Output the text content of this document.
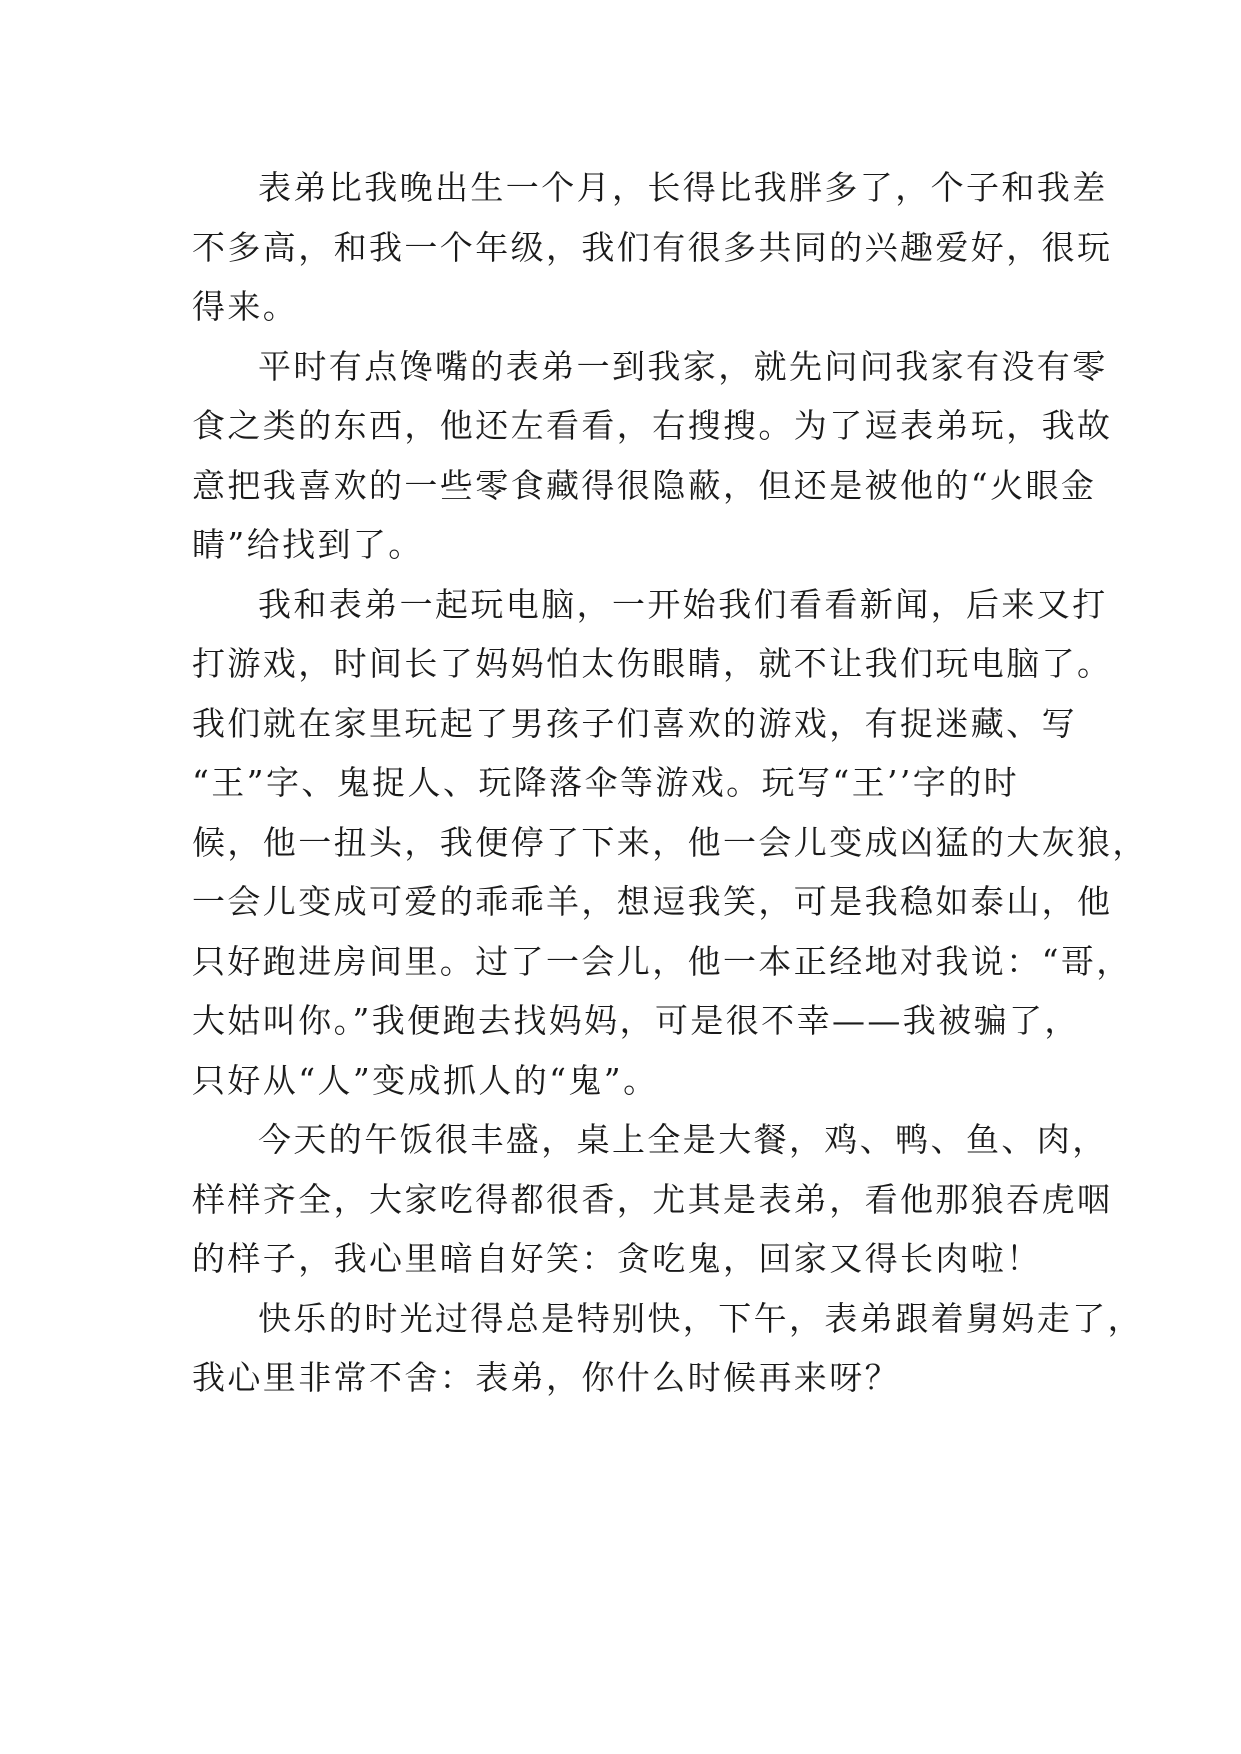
表弟比我晚出生一个月，长得比我胖多了，个子和我差
不多高，和我一个年级，我们有很多共同的兴趣爱好，很玩
得来。
平时有点馋嘴的表弟一到我家，就先问问我家有没有零
食之类的东西，他还左看看，右搜搜。为了逗表弟玩，我故
意把我喜欢的一些零食藏得很隐蔽，但还是被他的“火眼金
睛”给找到了。
我和表弟一起玩电脑，一开始我们看看新闻，后来又打
打游戏，时间长了妈妈怕太伤眼睛，就不让我们玩电脑了。
我们就在家里玩起了男孩子们喜欢的游戏，有捉迷藏、写
“王”字、鬼捉人、玩降落伞等游戏。玩写“王’’字的时
候，他一扭头，我便停了下来，他一会儿变成凶猛的大灰狼，
一会儿变成可爱的乖乖羊，想逗我笑，可是我稳如泰山，他
只好跑进房间里。过了一会儿，他一本正经地对我说：“哥，
大姑叫你。”我便跑去找妈妈，可是很不幸——我被骗了，
只好从“人”变成抓人的“鬼”。
今天的午饭很丰盛，桌上全是大餐，鸡、鸭、鱼、肉，
样样齐全，大家吃得都很香，尤其是表弟，看他那狼吞虎咽
的样子，我心里暗自好笑：贪吃鬼，回家又得长肉啦！
快乐的时光过得总是特别快，下午，表弟跟着舅妈走了，
我心里非常不舍：表弟，你什么时候再来呀？
